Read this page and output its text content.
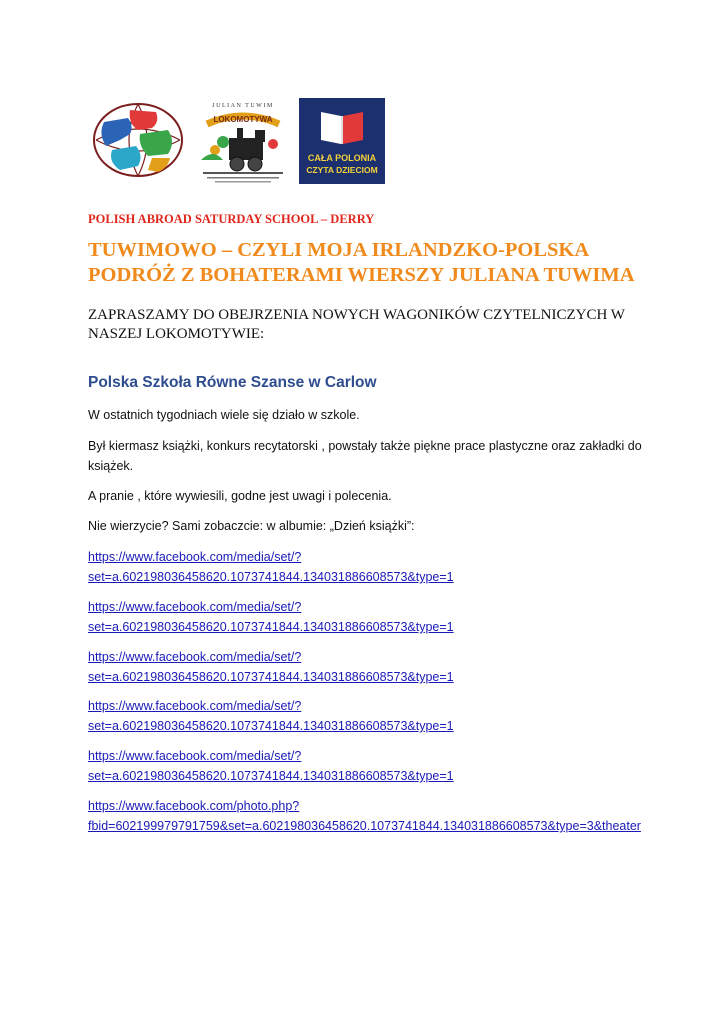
JULIAN TUWIM
LOKOMOTYWA
CAŁA POLONIA
CZYTA DZIECIOM
POLISH ABROAD SATURDAY SCHOOL – DERRY
TUWIMOWO – CZYLI MOJA IRLANDZKO-POLSKA
PODRÓŻ Z BOHATERAMI WIERSZY JULIANA TUWIMA
ZAPRASZAMY DO OBEJRZENIA NOWYCH WAGONIKÓW CZYTELNICZYCH W
NASZEJ LOKOMOTYWIE:
Polska Szkoła Równe Szanse w Carlow
W ostatnich tygodniach wiele się działo w szkole.
Był kiermasz książki, konkurs recytatorski , powstały także piękne prace plastyczne oraz zakładki do
książek.
A pranie , które wywiesili, godne jest uwagi i polecenia.
Nie wierzycie? Sami zobaczcie: w albumie: „Dzień książki”:
https://www.facebook.com/media/set/?
set=a.602198036458620.1073741844.134031886608573&type=1
https://www.facebook.com/media/set/?
set=a.602198036458620.1073741844.134031886608573&type=1
https://www.facebook.com/media/set/?
set=a.602198036458620.1073741844.134031886608573&type=1
https://www.facebook.com/media/set/?
set=a.602198036458620.1073741844.134031886608573&type=1
https://www.facebook.com/media/set/?
set=a.602198036458620.1073741844.134031886608573&type=1
https://www.facebook.com/photo.php?
fbid=602199979791759&set=a.602198036458620.1073741844.134031886608573&type=3&theater
